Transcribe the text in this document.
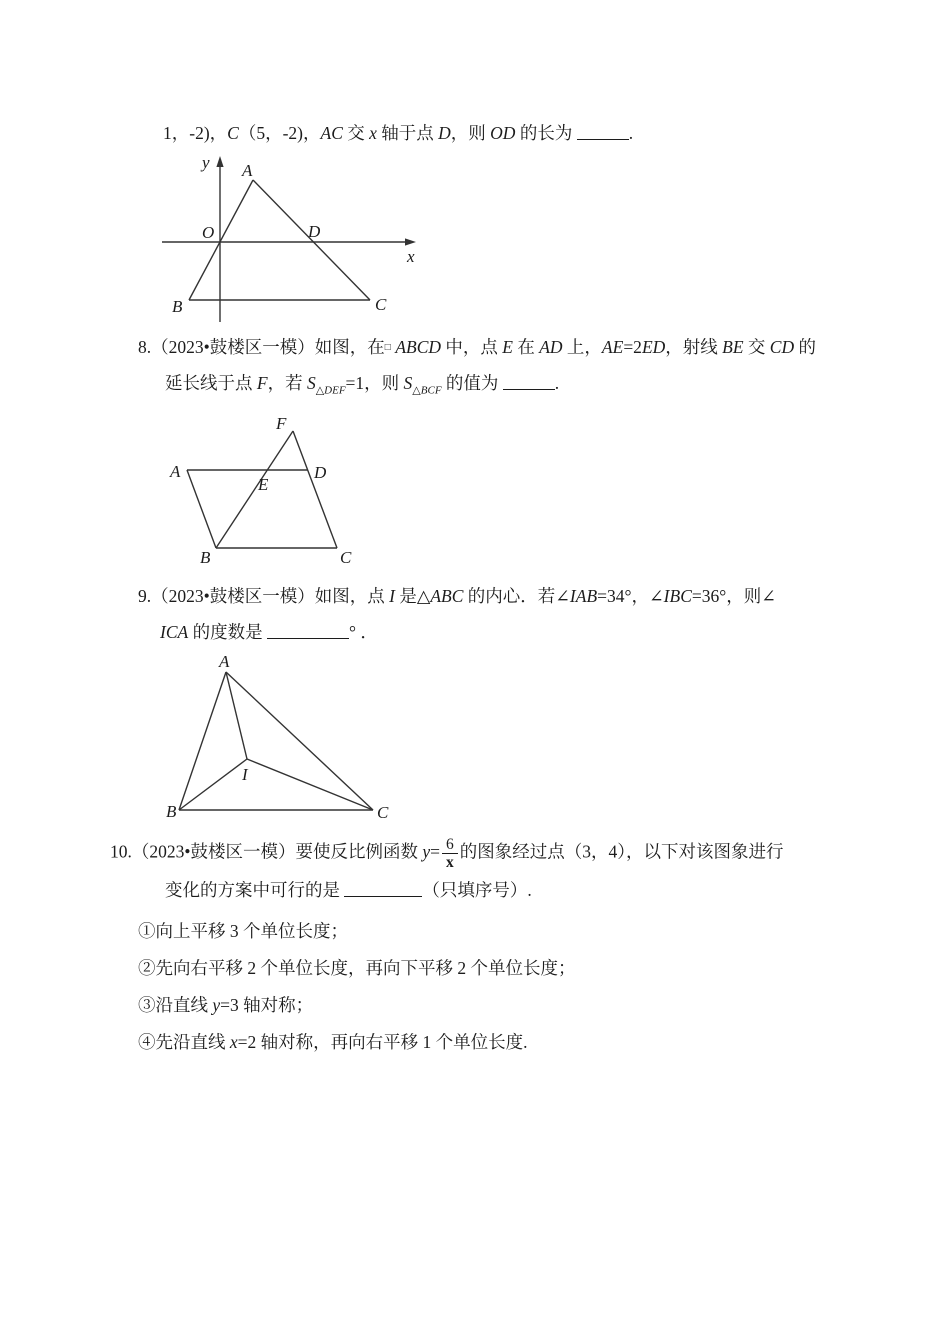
1，-2)，C（5，-2)，AC 交 x 轴于点 D，则 OD 的长为	.
y
x
O
A
D
B	C
8.（2023•鼓楼区一模）如图，在□ ABCD 中，点 E 在 AD 上，AE=2ED，射线 BE 交 CD 的
延长线于点 F，若 $S_{\triangle DEF}=1$，则 $S_{\triangle BCF}$ 的值为	.
F
A	D
E
B	C
9.（2023•鼓楼区一模）如图，点 I 是△ABC 的内心．若∠IAB=34°，∠IBC=36°，则∠
ICA 的度数是	° ．
A
B	C
I
10.（2023•鼓楼区一模）要使反比例函数 $y= \frac{6}{x}$ 的图象经过点（3，4），以下对该图象进行
变化的方案中可行的是	（只填序号）.
①向上平移 3 个单位长度；
②先向右平移 2 个单位长度，再向下平移 2 个单位长度；
③沿直线 y=3 轴对称；
④先沿直线 x=2 轴对称，再向右平移 1 个单位长度.
